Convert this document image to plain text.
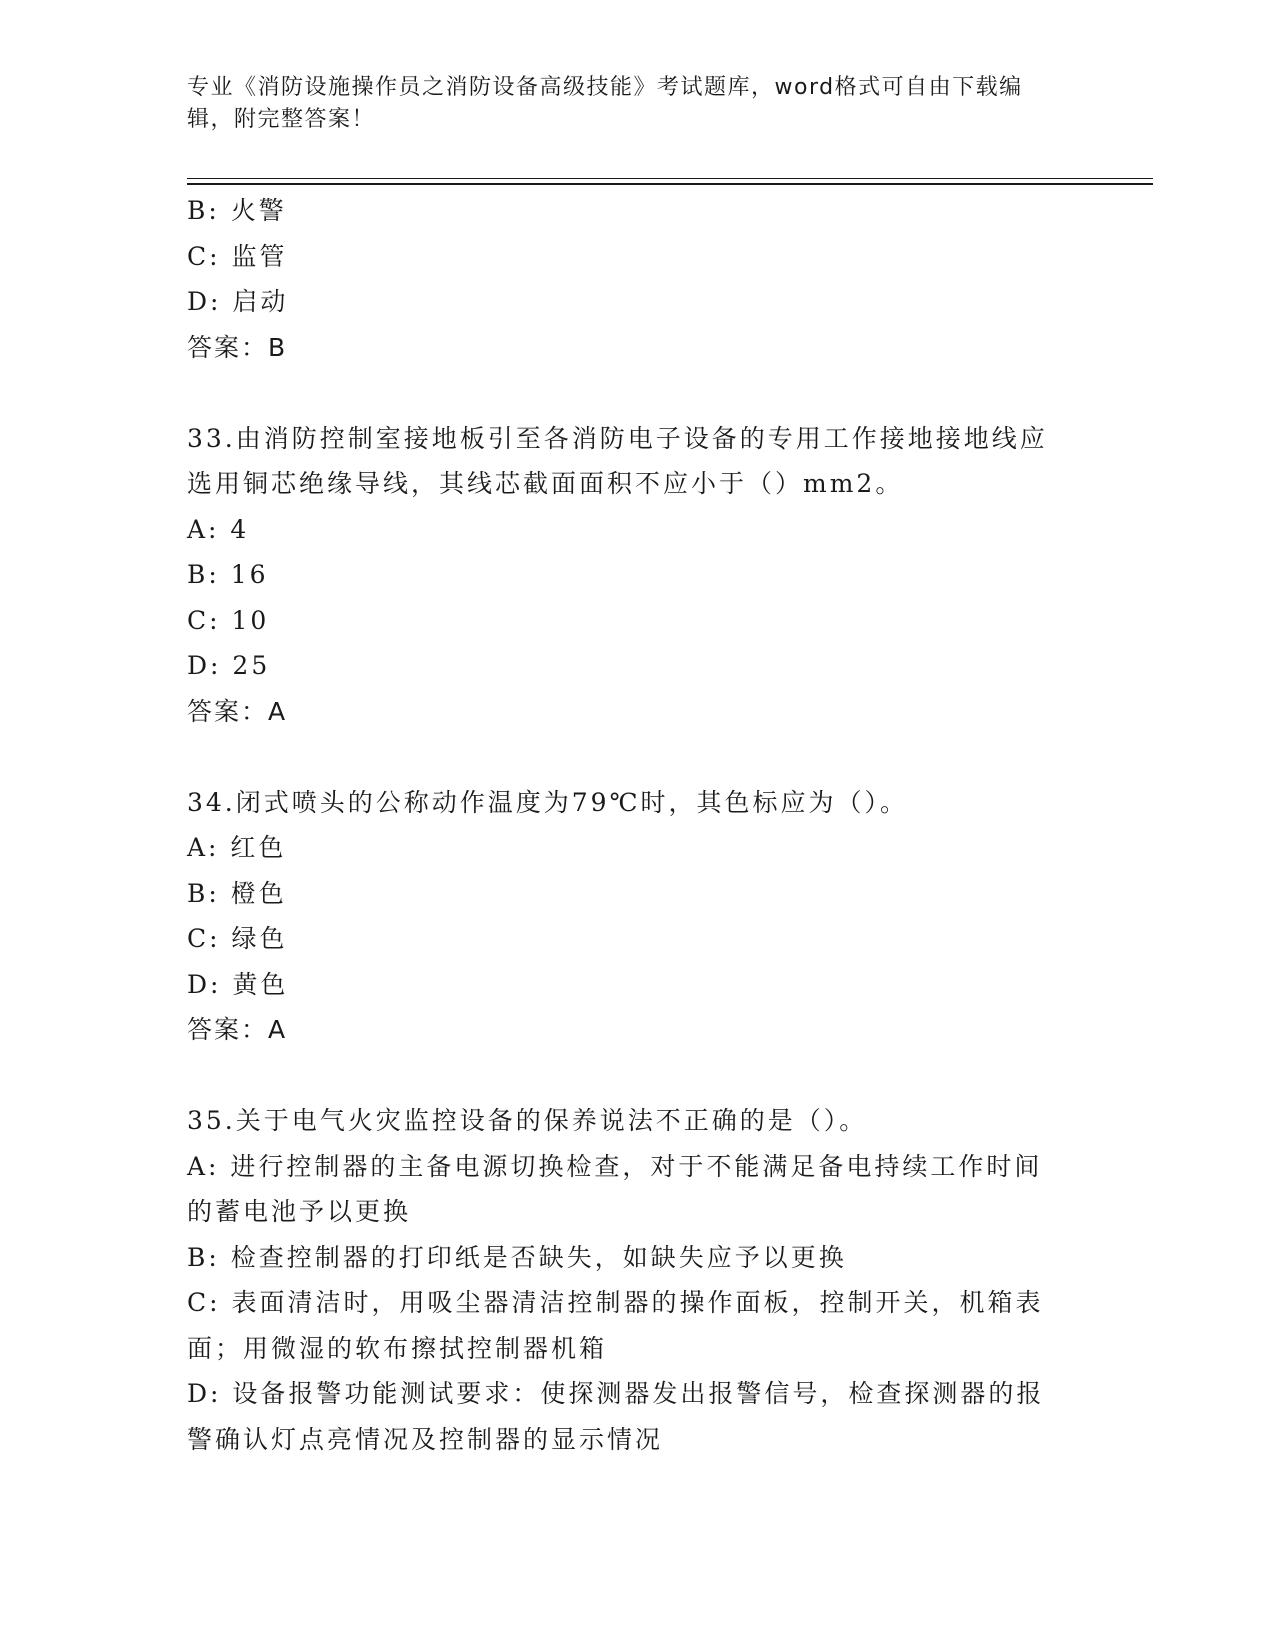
专业《消防设施操作员之消防设备高级技能》考试题库，word格式可自由下载编
辑，附完整答案！
B: 火警
C: 监管
D: 启动
答案：B
33.由消防控制室接地板引至各消防电子设备的专用工作接地接地线应
选用铜芯绝缘导线，其线芯截面面积不应小于（）mm2。
A: 4
B: 16
C: 10
D: 25
答案：A
34.闭式喷头的公称动作温度为79℃时，其色标应为（）。
A: 红色
B: 橙色
C: 绿色
D: 黄色
答案：A
35.关于电气火灾监控设备的保养说法不正确的是（）。
A: 进行控制器的主备电源切换检查，对于不能满足备电持续工作时间
的蓄电池予以更换
B: 检查控制器的打印纸是否缺失，如缺失应予以更换
C: 表面清洁时，用吸尘器清洁控制器的操作面板，控制开关，机箱表
面；用微湿的软布擦拭控制器机箱
D: 设备报警功能测试要求：使探测器发出报警信号，检查探测器的报
警确认灯点亮情况及控制器的显示情况
